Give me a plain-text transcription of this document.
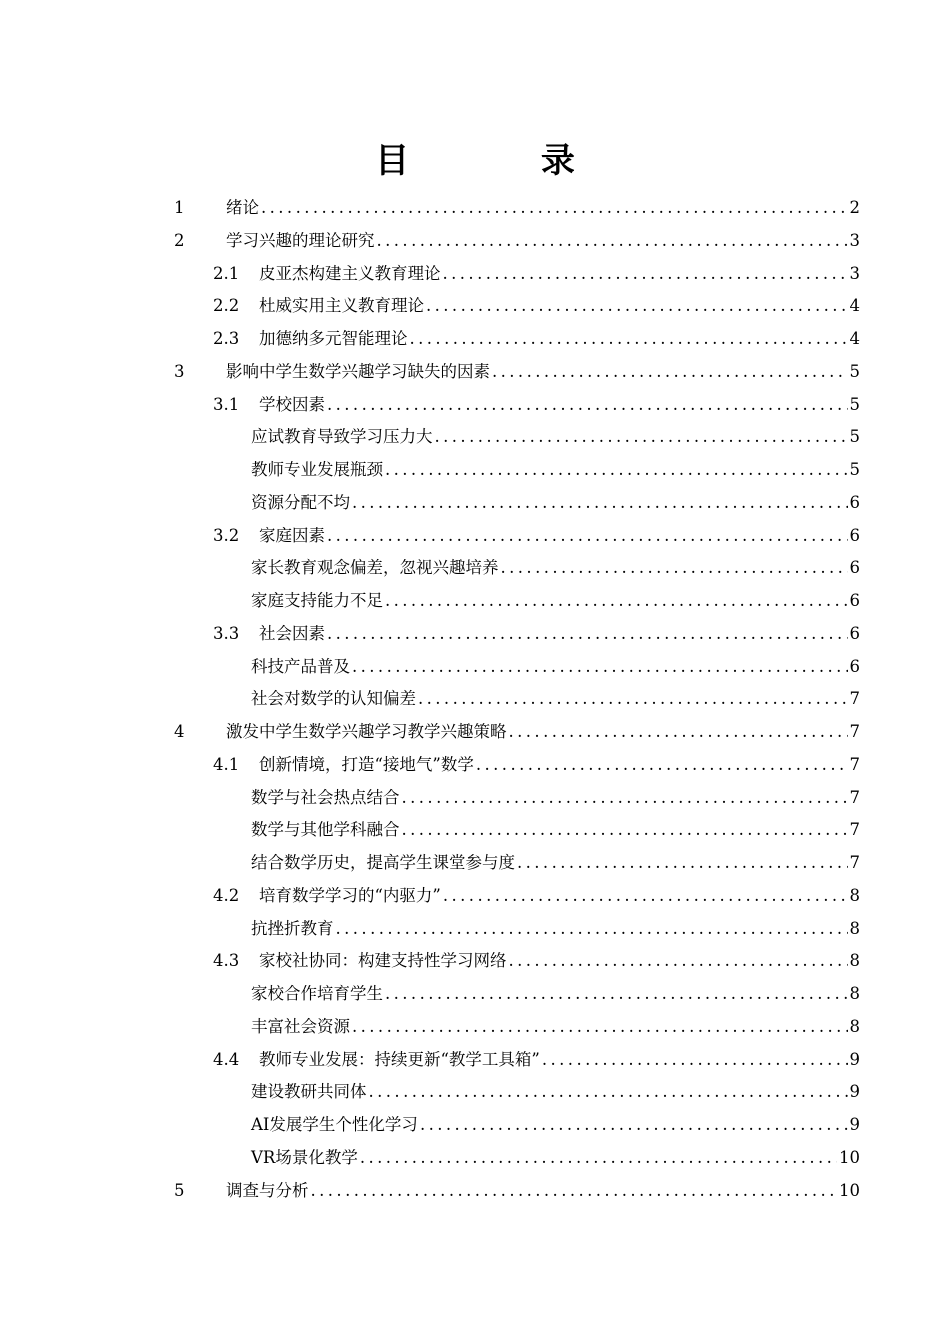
目 录
1	绪论 .....	2
2	学习兴趣的理论研究 .....	3
2.1	皮亚杰构建主义教育理论 .....	3
2.2	杜威实用主义教育理论 .....	4
2.3	加德纳多元智能理论 .....	4
3	影响中学生数学兴趣学习缺失的因素 .....	5
3.1	学校因素 .....	5
应试教育导致学习压力大 .....	5
教师专业发展瓶颈 .....	5
资源分配不均 .....	6
3.2	家庭因素 .....	6
家长教育观念偏差，忽视兴趣培养 .....	6
家庭支持能力不足 .....	6
3.3	社会因素 .....	6
科技产品普及 .....	6
社会对数学的认知偏差 .....	7
4	激发中学生数学兴趣学习教学兴趣策略 .....	7
4.1	创新情境，打造“接地气”数学 .....	7
数学与社会热点结合 .....	7
数学与其他学科融合 .....	7
结合数学历史，提高学生课堂参与度 .....	7
4.2	培育数学学习的“内驱力” .....	8
抗挫折教育 .....	8
4.3	家校社协同：构建支持性学习网络 .....	8
家校合作培育学生 .....	8
丰富社会资源 .....	8
4.4	教师专业发展：持续更新“教学工具箱” .....	9
建设教研共同体 .....	9
AI发展学生个性化学习 .....	9
VR场景化教学 .....	10
5	调查与分析 .....	10
